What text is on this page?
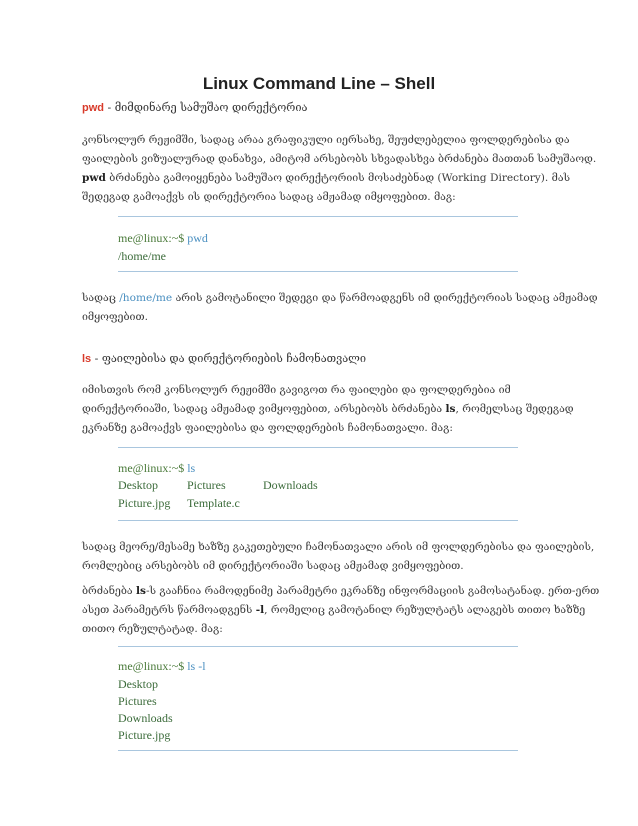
Linux Command Line – Shell
pwd - მიმდინარე სამუშაო დირექტორია
კონსოლურ რეჟიმში, სადაც არაა გრაფიკული იერსახე, შეუძლებელია ფოლდერებისა და
ფაილების ვიზუალურად დანახვა, ამიტომ არსებობს სხვადასხვა ბრძანება მათთან სამუშაოდ.
pwd ბრძანება გამოიყენება სამუშაო დირექტორიის მოსაძებნად (Working Directory). მას
შედეგად გამოაქვს ის დირექტორია სადაც ამჟამად იმყოფებით. მაგ:
me@linux:~$ pwd
/home/me
სადაც /home/me არის გამოტანილი შედეგი და წარმოადგენს იმ დირექტორიას სადაც ამჟამად
იმყოფებით.
ls - ფაილებისა და დირექტორიების ჩამონათვალი
იმისთვის რომ კონსოლურ რეჟიმში გავიგოთ რა ფაილები და ფოლდერებია იმ
დირექტორიაში, სადაც ამჟამად ვიმყოფებით, არსებობს ბრძანება ls, რომელსაც შედეგად
ეკრანზე გამოაქვს ფაილებისა და ფოლდერების ჩამონათვალი. მაგ:
me@linux:~$ ls
Desktop Pictures	Downloads
Picture.jpg Template.c
სადაც მეორე/მესამე ხაზზე გაკეთებული ჩამონათვალი არის იმ ფოლდერებისა და ფაილების,
რომლებიც არსებობს იმ დირექტორიაში სადაც ამჟამად ვიმყოფებით.
ბრძანება ls-ს გააჩნია რამოდენიმე პარამეტრი ეკრანზე ინფორმაციის გამოსატანად. ერთ-ერთ
ასეთ პარამეტრს წარმოადგენს -l, რომელიც გამოტანილ რეზულტატს ალაგებს თითო ხაზზე
თითო რეზულტატად. მაგ:
me@linux:~$ ls -l
Desktop
Pictures
Downloads
Picture.jpg
